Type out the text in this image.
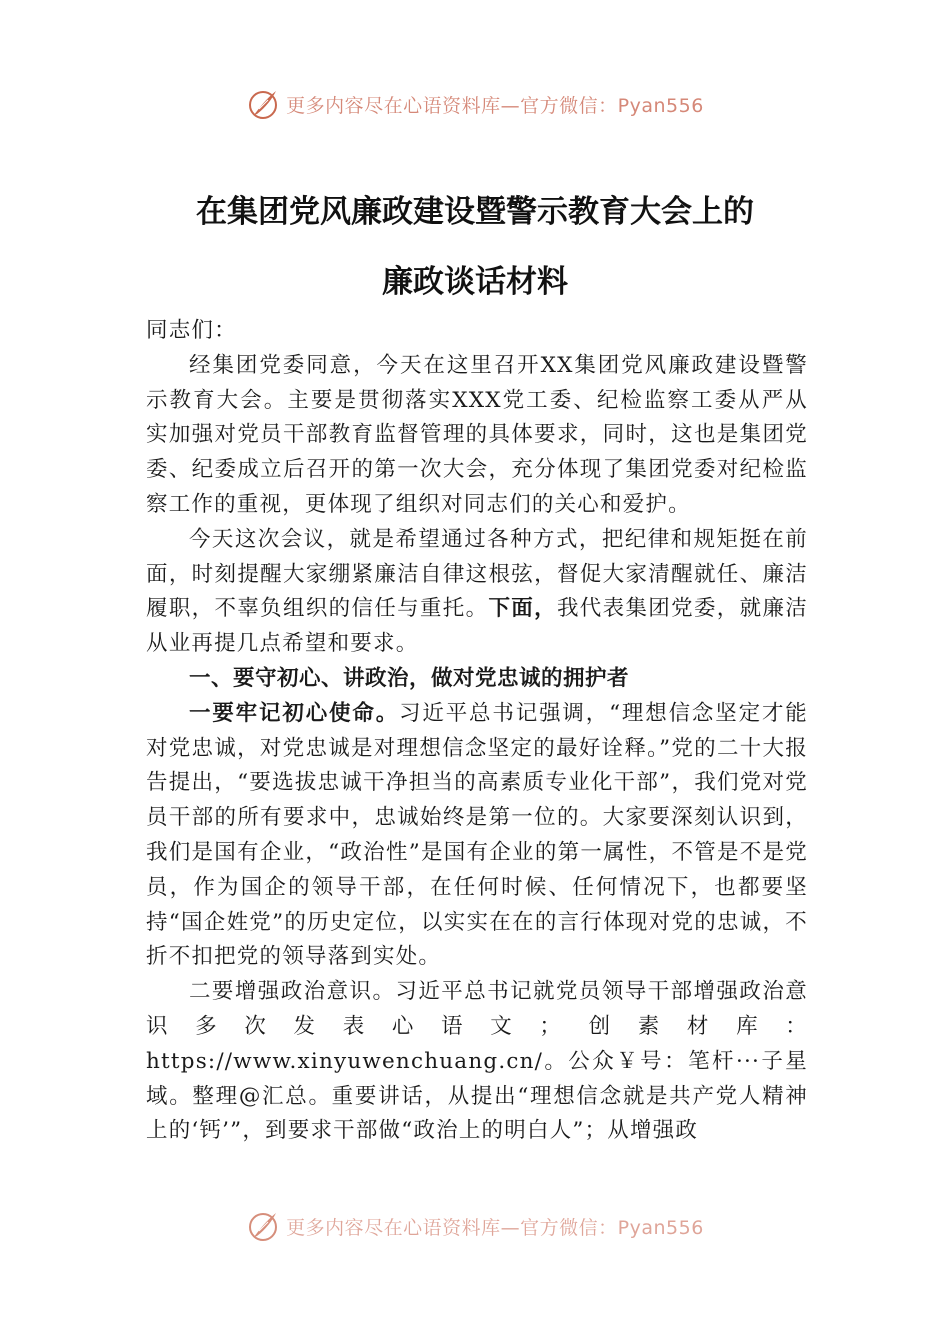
更多内容尽在心语资料库—官方微信：Pyan556
在集团党风廉政建设暨警示教育大会上的
廉政谈话材料

同志们：

经集团党委同意，今天在这里召开XX集团党风廉政建设暨警示教育大会。主要是贯彻落实XXX党工委、纪检监察工委从严从实加强对党员干部教育监督管理的具体要求，同时，这也是集团党委、纪委成立后召开的第一次大会，充分体现了集团党委对纪检监察工作的重视，更体现了组织对同志们的关心和爱护。

今天这次会议，就是希望通过各种方式，把纪律和规矩挺在前面，时刻提醒大家绷紧廉洁自律这根弦，督促大家清醒就任、廉洁履职，不辜负组织的信任与重托。下面，我代表集团党委，就廉洁从业再提几点希望和要求。

一、要守初心、讲政治，做对党忠诚的拥护者

一要牢记初心使命。习近平总书记强调，“理想信念坚定才能对党忠诚，对党忠诚是对理想信念坚定的最好诠释。”党的二十大报告提出，“要选拔忠诚干净担当的高素质专业化干部”，我们党对党员干部的所有要求中，忠诚始终是第一位的。大家要深刻认识到，我们是国有企业，“政治性”是国有企业的第一属性，不管是不是党员，作为国企的领导干部，在任何时候、任何情况下，也都要坚持“国企姓党”的历史定位，以实实在在的言行体现对党的忠诚，不折不扣把党的领导落到实处。

二要增强政治意识。习近平总书记就党员领导干部增强政治意识多次发表心语文；创素材库：https://www.xinyuwenchuang.cn/。公众￥号：笔杆···子星域。整理@汇总。重要讲话，从提出“理想信念就是共产党人精神上的‘钙’”，到要求干部做“政治上的明白人”；从增强政

更多内容尽在心语资料库—官方微信：Pyan556
